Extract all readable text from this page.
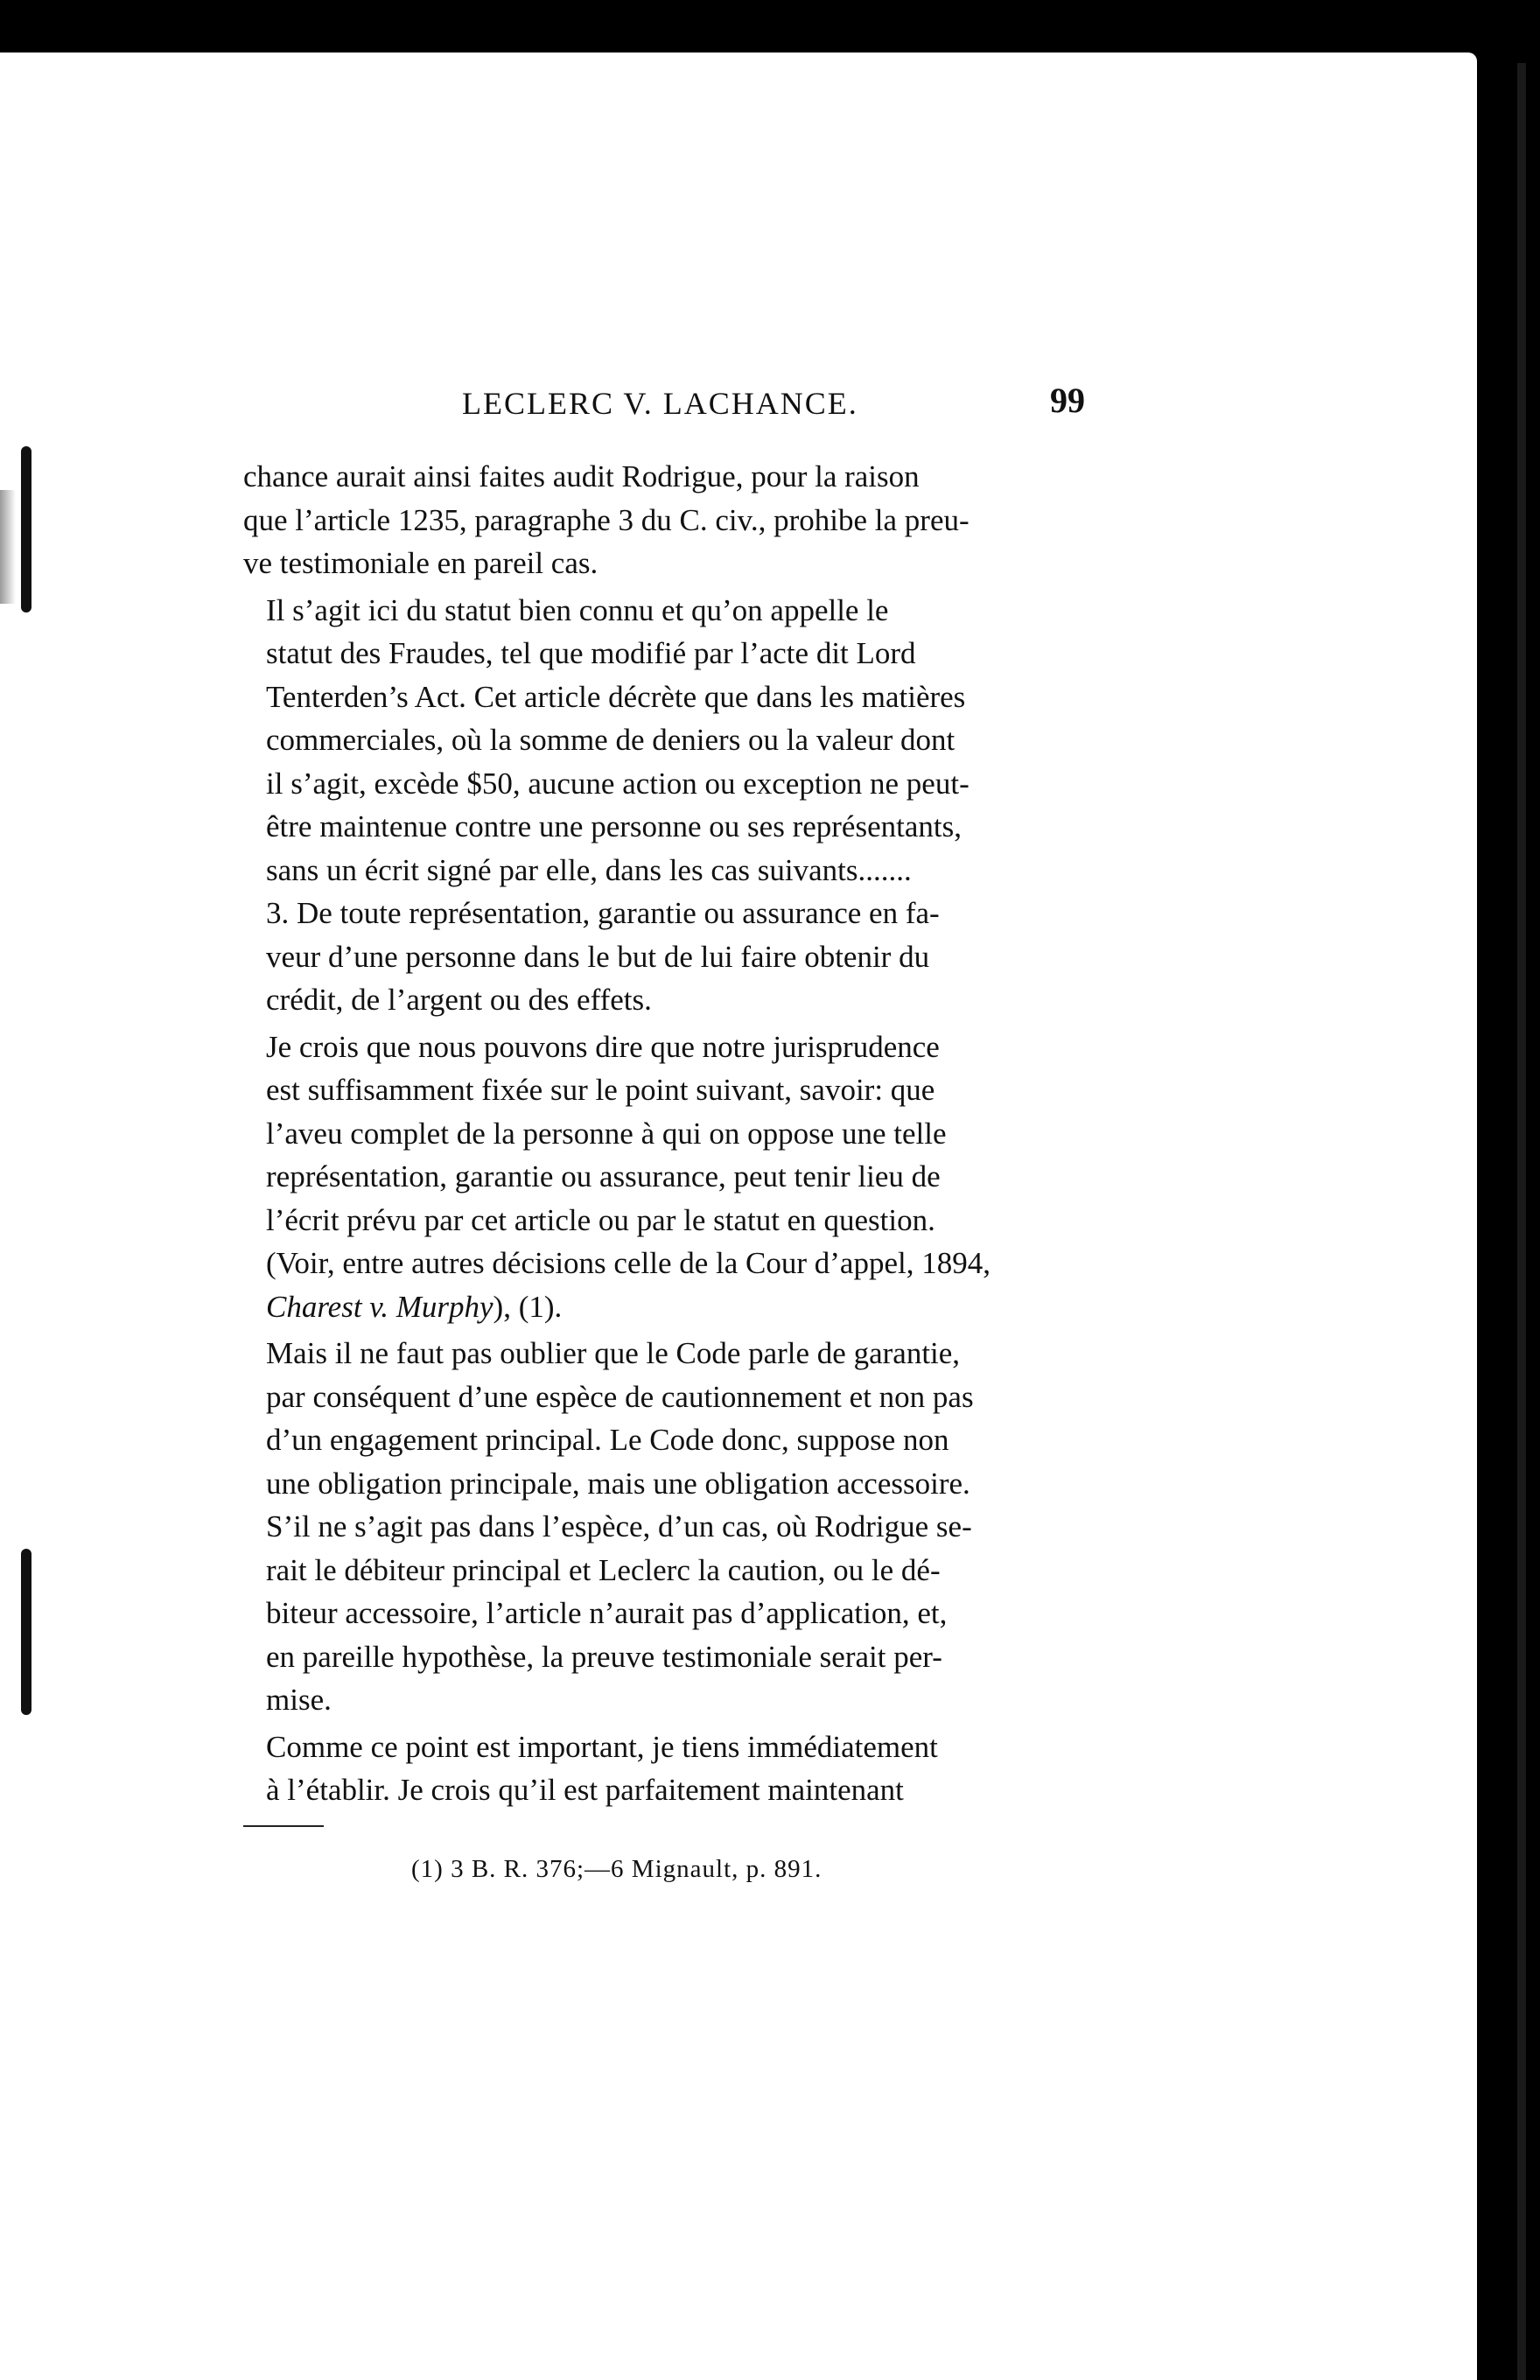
LECLERC V. LACHANCE.	99

chance aurait ainsi faites audit Rodrigue, pour la raison
que l’article 1235, paragraphe 3 du C. civ., prohibe la preu-
ve testimoniale en pareil cas.

Il s’agit ici du statut bien connu et qu’on appelle le
statut des Fraudes, tel que modifié par l’acte dit Lord
Tenterden’s Act. Cet article décrète que dans les matières
commerciales, où la somme de deniers ou la valeur dont
il s’agit, excède $50, aucune action ou exception ne peut-
être maintenue contre une personne ou ses représentants,
sans un écrit signé par elle, dans les cas suivants.......
3. De toute représentation, garantie ou assurance en fa-
veur d’une personne dans le but de lui faire obtenir du
crédit, de l’argent ou des effets.

Je crois que nous pouvons dire que notre jurisprudence
est suffisamment fixée sur le point suivant, savoir: que
l’aveu complet de la personne à qui on oppose une telle
représentation, garantie ou assurance, peut tenir lieu de
l’écrit prévu par cet article ou par le statut en question.
(Voir, entre autres décisions celle de la Cour d’appel, 1894,
Charest v. Murphy), (1).

Mais il ne faut pas oublier que le Code parle de garantie,
par conséquent d’une espèce de cautionnement et non pas
d’un engagement principal. Le Code donc, suppose non
une obligation principale, mais une obligation accessoire.
S’il ne s’agit pas dans l’espèce, d’un cas, où Rodrigue se-
rait le débiteur principal et Leclerc la caution, ou le dé-
biteur accessoire, l’article n’aurait pas d’application, et,
en pareille hypothèse, la preuve testimoniale serait per-
mise.

Comme ce point est important, je tiens immédiatement
à l’établir. Je crois qu’il est parfaitement maintenant

(1) 3 B. R. 376;—6 Mignault, p. 891.
